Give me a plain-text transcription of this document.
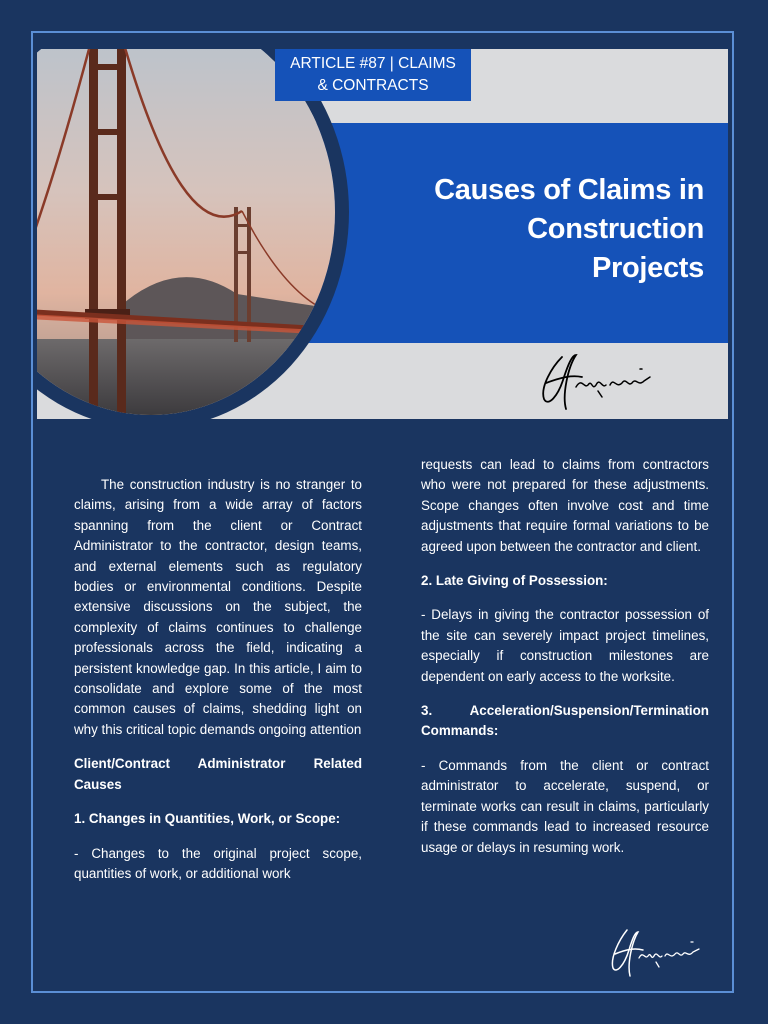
ARTICLE #87 | CLAIMS
& CONTRACTS
Causes of Claims in
Construction
Projects

The construction industry is no stranger to claims, arising from a wide array of factors spanning from the client or Contract Administrator to the contractor, design teams, and external elements such as regulatory bodies or environmental conditions. Despite extensive discussions on the subject, the complexity of claims continues to challenge professionals across the field, indicating a persistent knowledge gap. In this article, I aim to consolidate and explore some of the most common causes of claims, shedding light on why this critical topic demands ongoing attention

Client/Contract Administrator Related Causes

1. Changes in Quantities, Work, or Scope:

- Changes to the original project scope, quantities of work, or additional work

requests can lead to claims from contractors who were not prepared for these adjustments. Scope changes often involve cost and time adjustments that require formal variations to be agreed upon between the contractor and client.

2. Late Giving of Possession:

- Delays in giving the contractor possession of the site can severely impact project timelines, especially if construction milestones are dependent on early access to the worksite.

3. Acceleration/Suspension/Termination Commands:

- Commands from the client or contract administrator to accelerate, suspend, or terminate works can result in claims, particularly if these commands lead to increased resource usage or delays in resuming work.
